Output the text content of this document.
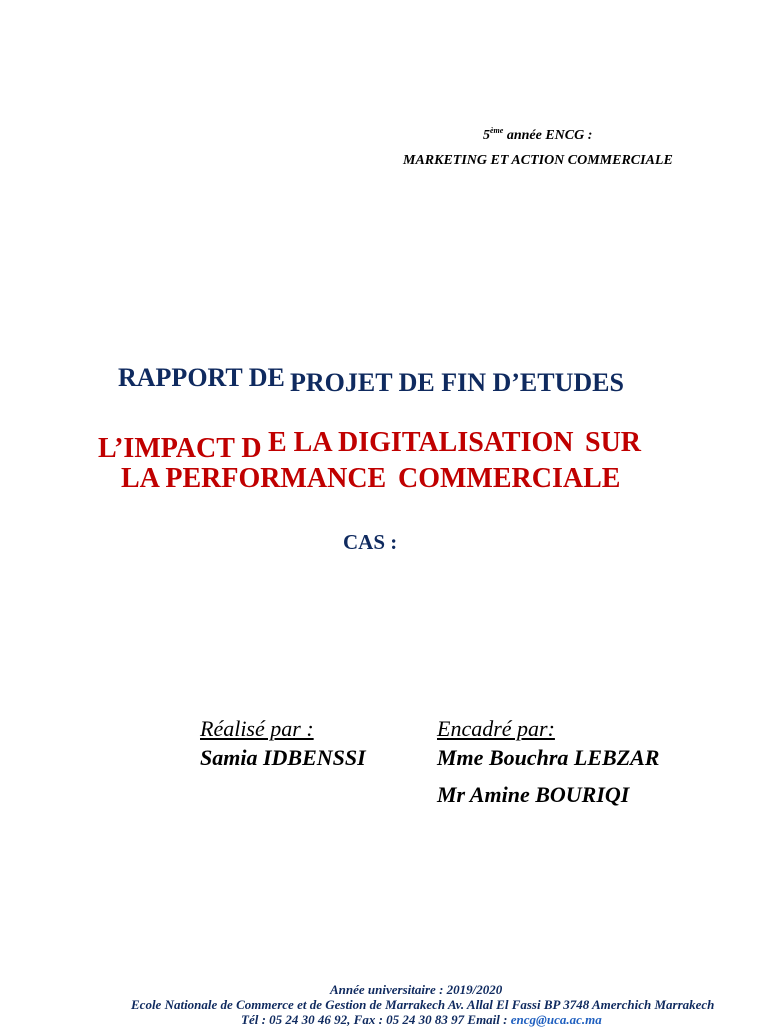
5ème année ENCG :
MARKETING ET ACTION COMMERCIALE
RAPPORT DE PROJET DE FIN D’ETUDES
L’IMPACT D E LA DIGITALISATION SUR
LA PERFORMANCE COMMERCIALE
CAS :
Réalisé par :
Samia IDBENSSI
Encadré par:
Mme Bouchra LEBZAR
Mr Amine BOURIQI
Année universitaire : 2019/2020
Ecole Nationale de Commerce et de Gestion de Marrakech Av. Allal El Fassi BP 3748 Amerchich Marrakech
Tél : 05 24 30 46 92, Fax : 05 24 30 83 97 Email : encg@uca.ac.ma
